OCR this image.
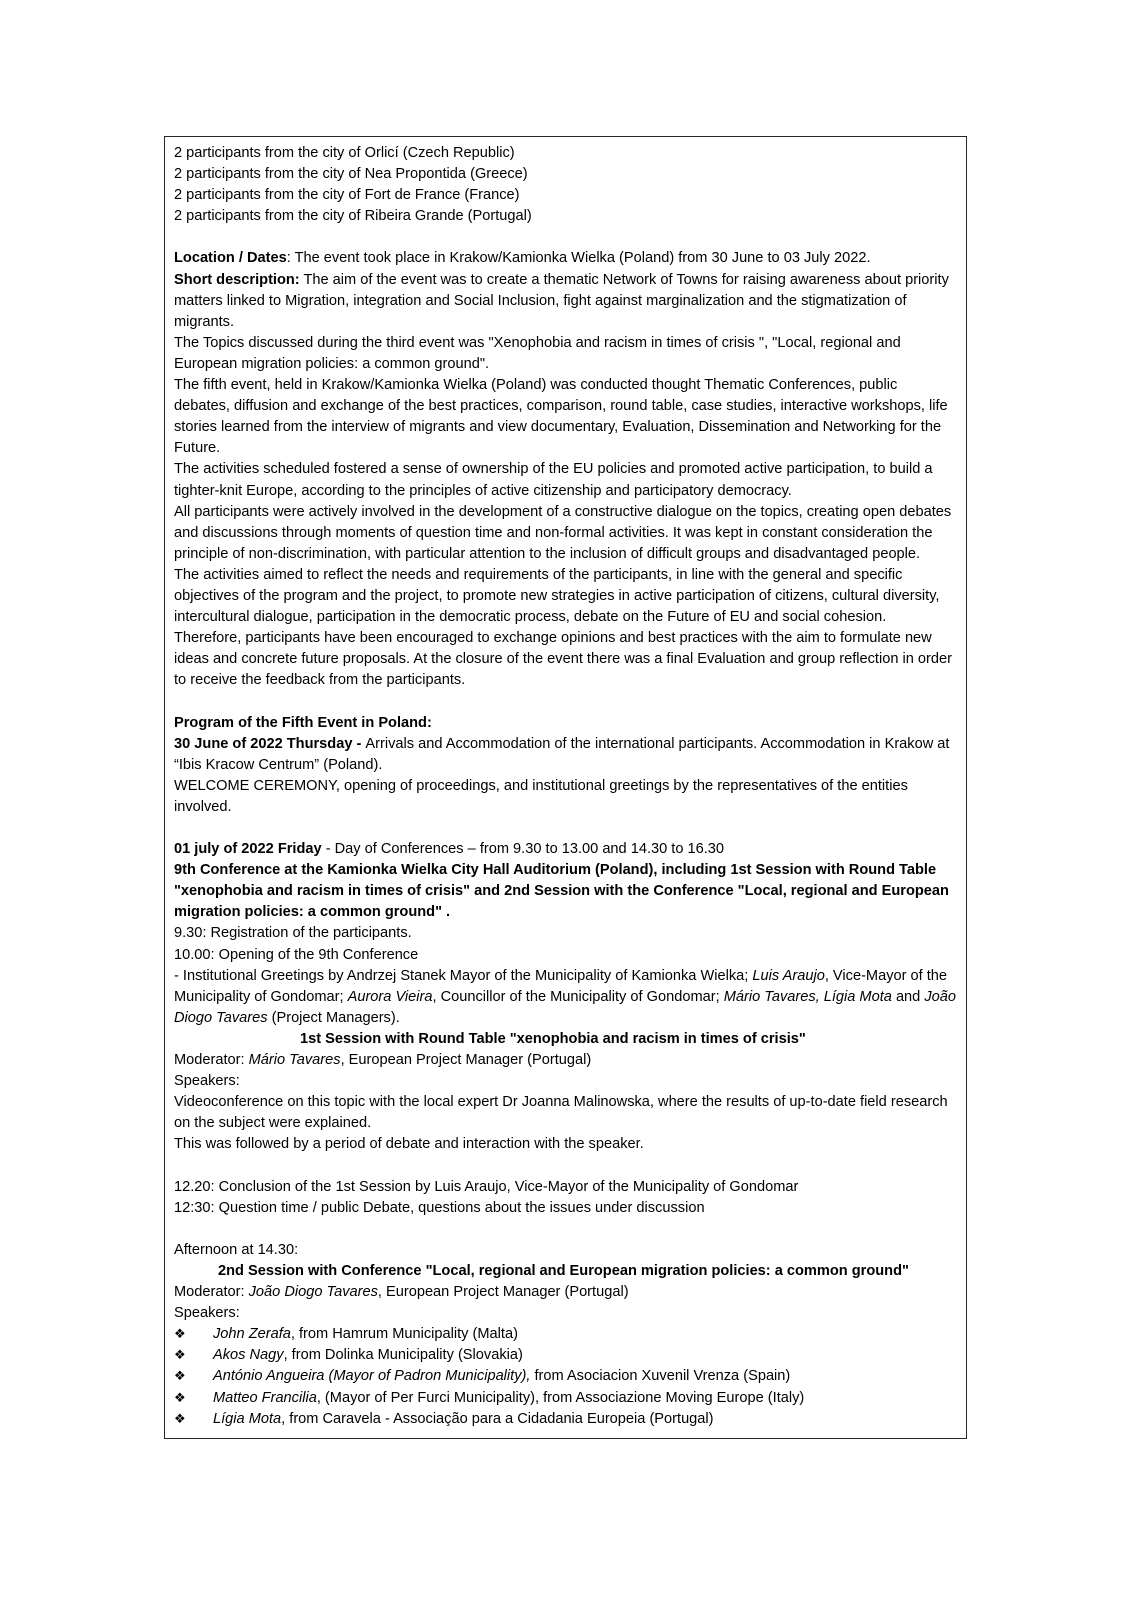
2 participants from the city of Orlicí (Czech Republic)

2 participants from the city of Nea Propontida (Greece)

2 participants from the city of Fort de France (France)

2 participants from the city of Ribeira Grande (Portugal)

Location / Dates: The event took place in Krakow/Kamionka Wielka (Poland) from 30 June to 03 July 2022.

Short description: The aim of the event was to create a thematic Network of Towns for raising awareness about priority matters linked to Migration, integration and Social Inclusion, fight against marginalization and the stigmatization of migrants.

The Topics discussed during the third event was "Xenophobia and racism in times of crisis ", "Local, regional and European migration policies: a common ground".

The fifth event, held in Krakow/Kamionka Wielka (Poland) was conducted thought Thematic Conferences, public debates, diffusion and exchange of the best practices, comparison, round table, case studies, interactive workshops, life stories learned from the interview of migrants and view documentary, Evaluation, Dissemination and Networking for the Future.

The activities scheduled fostered a sense of ownership of the EU policies and promoted active participation, to build a tighter-knit Europe, according to the principles of active citizenship and participatory democracy.

All participants were actively involved in the development of a constructive dialogue on the topics, creating open debates and discussions through moments of question time and non-formal activities. It was kept in constant consideration the principle of non-discrimination, with particular attention to the inclusion of difficult groups and disadvantaged people.

The activities aimed to reflect the needs and requirements of the participants, in line with the general and specific objectives of the program and the project, to promote new strategies in active participation of citizens, cultural diversity, intercultural dialogue, participation in the democratic process, debate on the Future of EU and social cohesion.

Therefore, participants have been encouraged to exchange opinions and best practices with the aim to formulate new ideas and concrete future proposals. At the closure of the event there was a final Evaluation and group reflection in order to receive the feedback from the participants.

Program of the Fifth Event in Poland:

30 June of 2022 Thursday - Arrivals and Accommodation of the international participants. Accommodation in Krakow at “Ibis Kracow Centrum” (Poland).

WELCOME CEREMONY, opening of proceedings, and institutional greetings by the representatives of the entities involved.

01 july of 2022 Friday - Day of Conferences – from 9.30 to 13.00 and 14.30 to 16.30

9th Conference at the Kamionka Wielka City Hall Auditorium (Poland), including 1st Session with Round Table "xenophobia and racism in times of crisis" and 2nd Session with the Conference "Local, regional and European migration policies: a common ground" .

9.30: Registration of the participants.

10.00: Opening of the 9th Conference

- Institutional Greetings by Andrzej Stanek Mayor of the Municipality of Kamionka Wielka; Luis Araujo, Vice-Mayor of the Municipality of Gondomar; Aurora Vieira, Councillor of the Municipality of Gondomar; Mário Tavares, Lígia Mota and João Diogo Tavares (Project Managers).

1st Session with Round Table "xenophobia and racism in times of crisis"

Moderator: Mário Tavares, European Project Manager (Portugal)

Speakers:

Videoconference on this topic with the local expert Dr Joanna Malinowska, where the results of up-to-date field research on the subject were explained.

This was followed by a period of debate and interaction with the speaker.

12.20: Conclusion of the 1st Session by Luis Araujo, Vice-Mayor of the Municipality of Gondomar

12:30: Question time / public Debate, questions about the issues under discussion

Afternoon at 14.30:

2nd Session with Conference "Local, regional and European migration policies: a common ground"

Moderator: João Diogo Tavares, European Project Manager (Portugal)

Speakers:

❖	John Zerafa, from Hamrum Municipality (Malta)
❖	Akos Nagy, from Dolinka Municipality (Slovakia)
❖	António Angueira (Mayor of Padron Municipality), from Asociacion Xuvenil Vrenza (Spain)
❖	Matteo Francilia, (Mayor of Per Furci Municipality), from Associazione Moving Europe (Italy)
❖	Lígia Mota, from Caravela - Associação para a Cidadania Europeia (Portugal)
